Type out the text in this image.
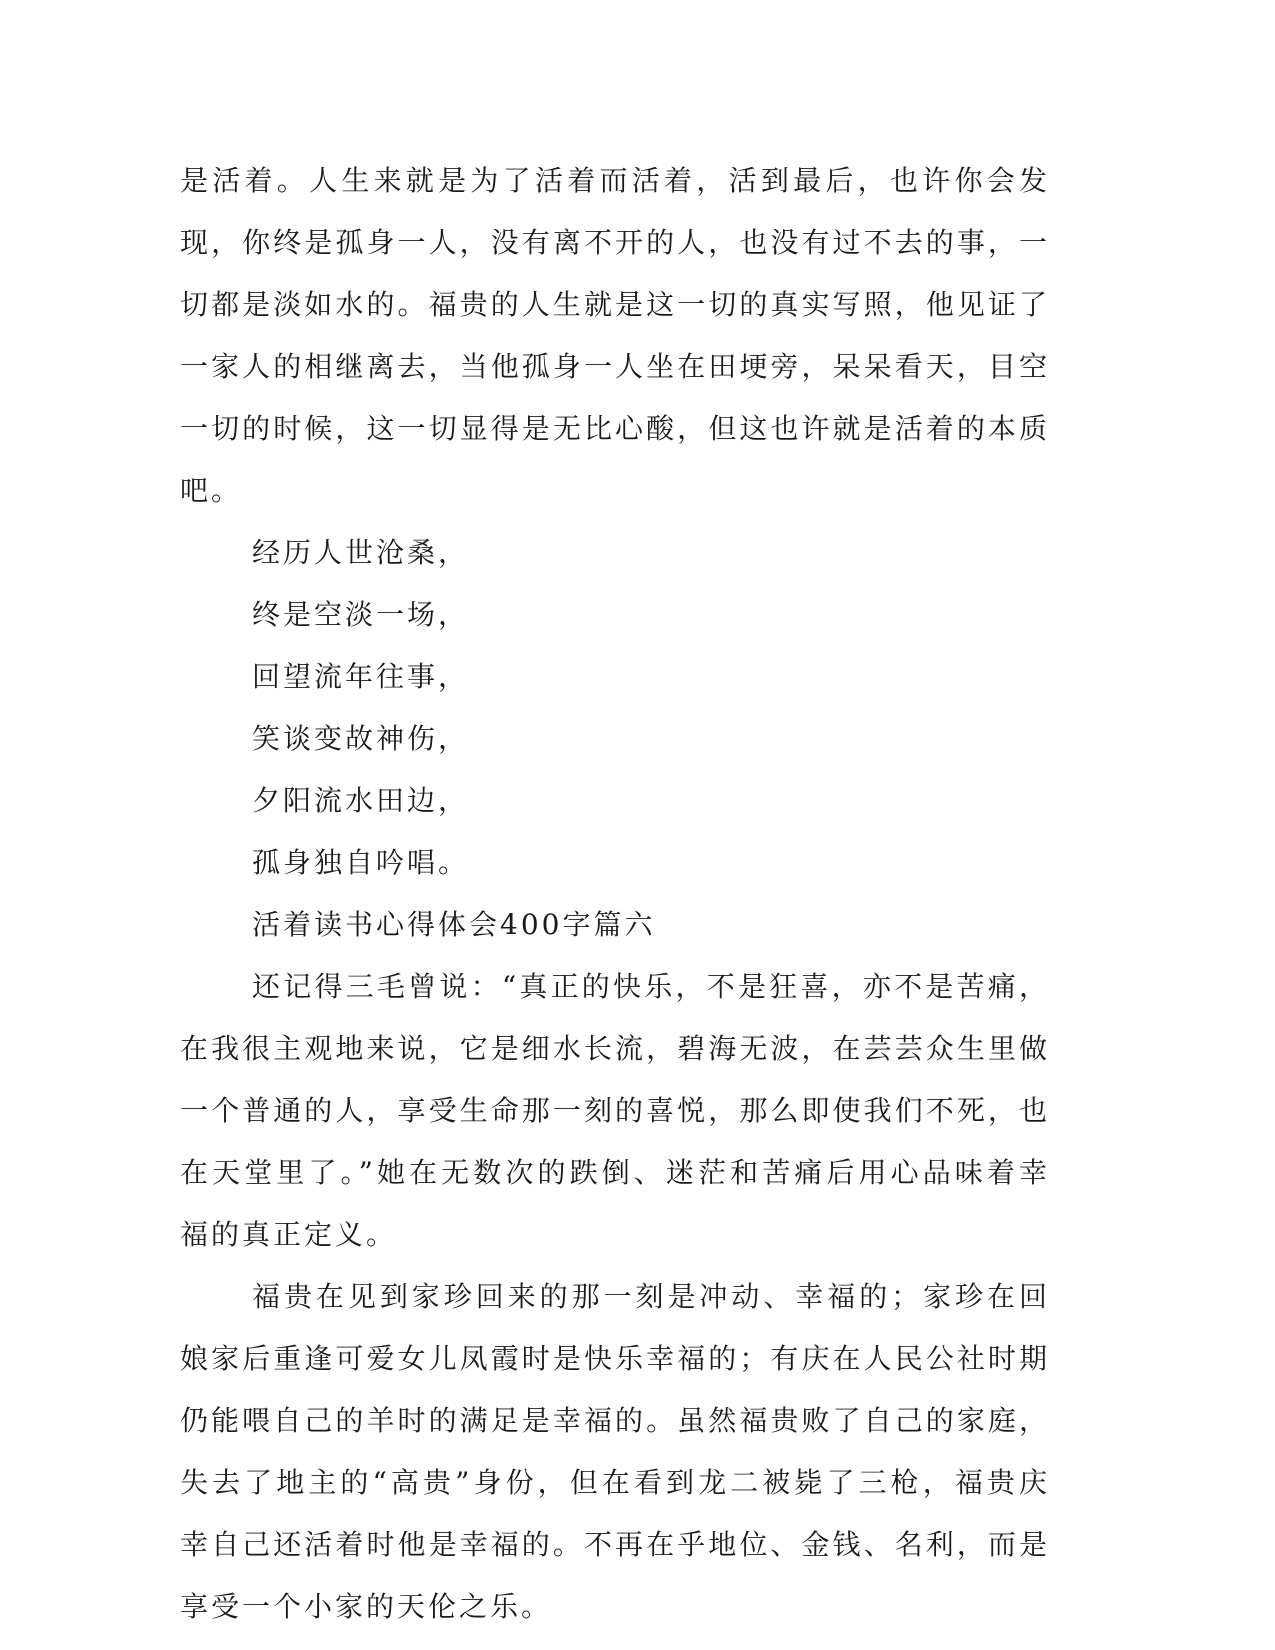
是活着。人生来就是为了活着而活着，活到最后，也许你会发现，你终是孤身一人，没有离不开的人，也没有过不去的事，一切都是淡如水的。福贵的人生就是这一切的真实写照，他见证了一家人的相继离去，当他孤身一人坐在田埂旁，呆呆看天，目空一切的时候，这一切显得是无比心酸，但这也许就是活着的本质吧。

经历人世沧桑，

终是空淡一场，

回望流年往事，

笑谈变故神伤，

夕阳流水田边，

孤身独自吟唱。

活着读书心得体会400字篇六

还记得三毛曾说：“真正的快乐，不是狂喜，亦不是苦痛，在我很主观地来说，它是细水长流，碧海无波，在芸芸众生里做一个普通的人，享受生命那一刻的喜悦，那么即使我们不死，也在天堂里了。”她在无数次的跌倒、迷茫和苦痛后用心品味着幸福的真正定义。

福贵在见到家珍回来的那一刻是冲动、幸福的；家珍在回娘家后重逢可爱女儿凤霞时是快乐幸福的；有庆在人民公社时期仍能喂自己的羊时的满足是幸福的。虽然福贵败了自己的家庭，失去了地主的“高贵”身份，但在看到龙二被毙了三枪，福贵庆幸自己还活着时他是幸福的。不再在乎地位、金钱、名利，而是享受一个小家的天伦之乐。
